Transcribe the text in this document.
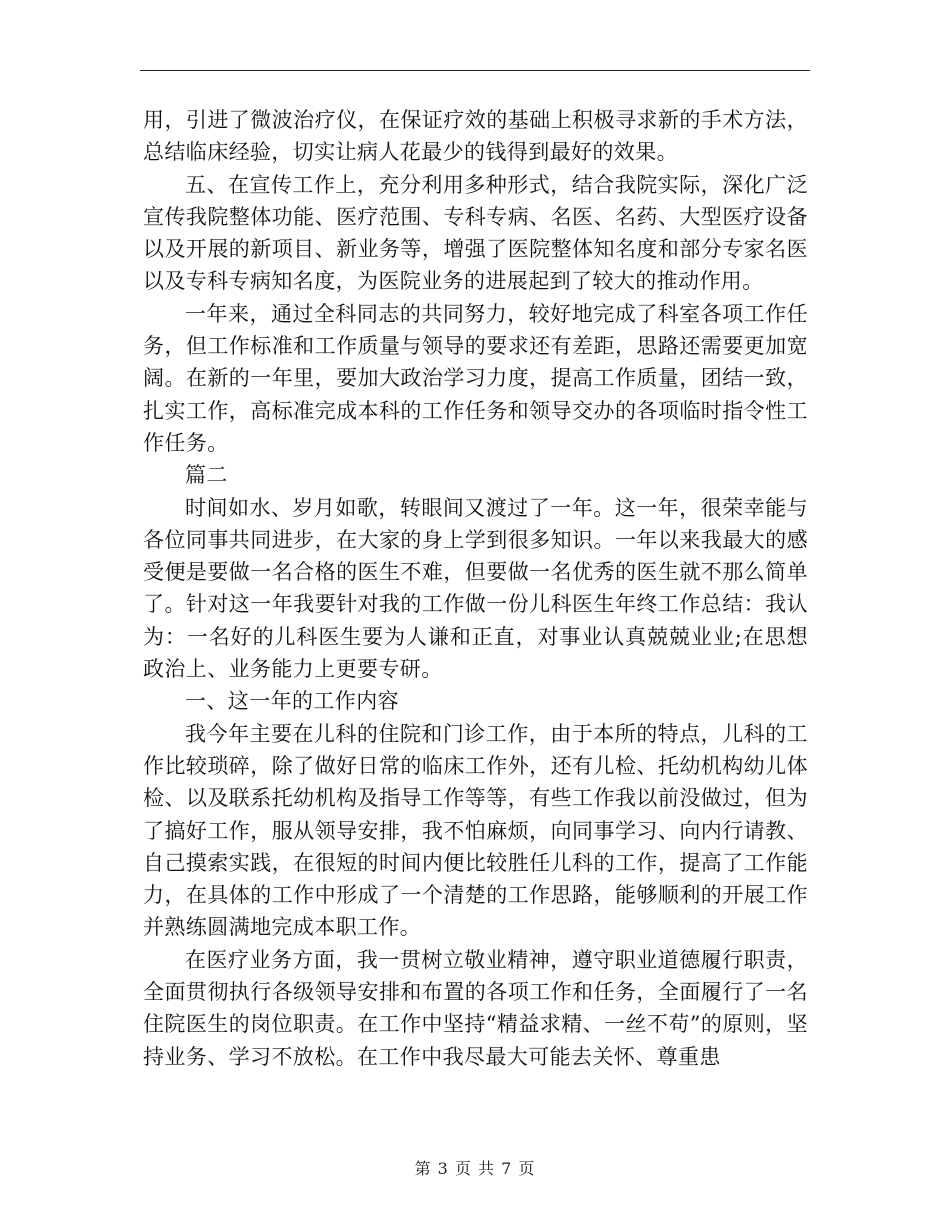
用，引进了微波治疗仪，在保证疗效的基础上积极寻求新的手术方法，总结临床经验，切实让病人花最少的钱得到最好的效果。

五、在宣传工作上，充分利用多种形式，结合我院实际，深化广泛宣传我院整体功能、医疗范围、专科专病、名医、名药、大型医疗设备以及开展的新项目、新业务等，增强了医院整体知名度和部分专家名医以及专科专病知名度，为医院业务的进展起到了较大的推动作用。

一年来，通过全科同志的共同努力，较好地完成了科室各项工作任务，但工作标准和工作质量与领导的要求还有差距，思路还需要更加宽阔。在新的一年里，要加大政治学习力度，提高工作质量，团结一致，扎实工作，高标准完成本科的工作任务和领导交办的各项临时指令性工作任务。

篇二

时间如水、岁月如歌，转眼间又渡过了一年。这一年，很荣幸能与各位同事共同进步，在大家的身上学到很多知识。一年以来我最大的感受便是要做一名合格的医生不难，但要做一名优秀的医生就不那么简单了。针对这一年我要针对我的工作做一份儿科医生年终工作总结：我认为：一名好的儿科医生要为人谦和正直，对事业认真兢兢业业;在思想政治上、业务能力上更要专研。

一、这一年的工作内容

我今年主要在儿科的住院和门诊工作，由于本所的特点，儿科的工作比较琐碎，除了做好日常的临床工作外，还有儿检、托幼机构幼儿体检、以及联系托幼机构及指导工作等等，有些工作我以前没做过，但为了搞好工作，服从领导安排，我不怕麻烦，向同事学习、向内行请教、自己摸索实践，在很短的时间内便比较胜任儿科的工作，提高了工作能力，在具体的工作中形成了一个清楚的工作思路，能够顺利的开展工作并熟练圆满地完成本职工作。

在医疗业务方面，我一贯树立敬业精神，遵守职业道德履行职责，全面贯彻执行各级领导安排和布置的各项工作和任务，全面履行了一名住院医生的岗位职责。在工作中坚持“精益求精、一丝不苟”的原则，坚持业务、学习不放松。在工作中我尽最大可能去关怀、尊重患

第 3 页 共 7 页
